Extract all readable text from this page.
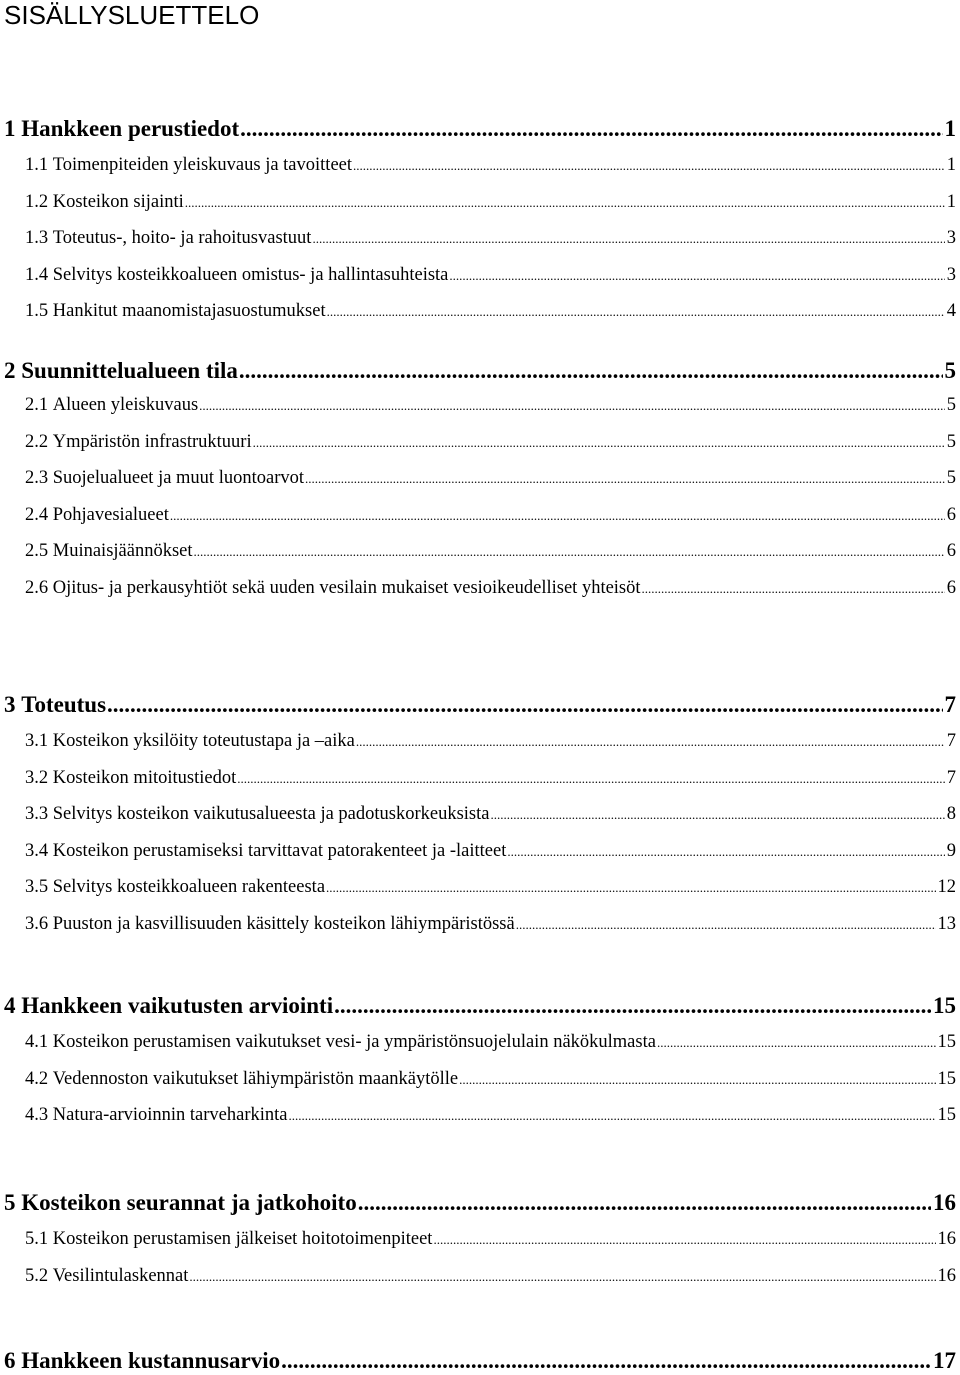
SISÄLLYSLUETTELO
1
Hankkeen perustiedot .....	1
1.1
Toimenpiteiden yleiskuvaus ja tavoitteet .....	1
1.2
Kosteikon sijainti .....	1
1.3
Toteutus-, hoito- ja rahoitusvastuut .....	3
1.4
Selvitys kosteikkoalueen omistus- ja hallintasuhteista .....	3
1.5
Hankitut maanomistajasuostumukset .....	4
2
Suunnittelualueen tila .....	5
2.1
Alueen yleiskuvaus .....	5
2.2
Ympäristön infrastruktuuri .....	5
2.3
Suojelualueet ja muut luontoarvot .....	5
2.4
Pohjavesialueet .....	6
2.5
Muinaisjäännökset .....	6
2.6
Ojitus- ja perkausyhtiöt sekä uuden vesilain mukaiset vesioikeudelliset yhteisöt .....	6
3
Toteutus .....	7
3.1
Kosteikon yksilöity toteutustapa ja –aika .....	7
3.2
Kosteikon mitoitustiedot .....	7
3.3
Selvitys kosteikon vaikutusalueesta ja padotuskorkeuksista .....	8
3.4
Kosteikon perustamiseksi tarvittavat patorakenteet ja -laitteet .....	9
3.5
Selvitys kosteikkoalueen rakenteesta .....	12
3.6
Puuston ja kasvillisuuden käsittely kosteikon lähiympäristössä .....	13
4
Hankkeen vaikutusten arviointi .....	15
4.1
Kosteikon perustamisen vaikutukset vesi- ja ympäristönsuojelulain näkökulmasta .....	15
4.2
Vedennoston vaikutukset lähiympäristön maankäytölle .....	15
4.3
Natura-arvioinnin tarveharkinta .....	15
5
Kosteikon seurannat ja jatkohoito .....	16
5.1
Kosteikon perustamisen jälkeiset hoitotoimenpiteet .....	16
5.2
Vesilintulaskennat .....	16
6
Hankkeen kustannusarvio .....	17
